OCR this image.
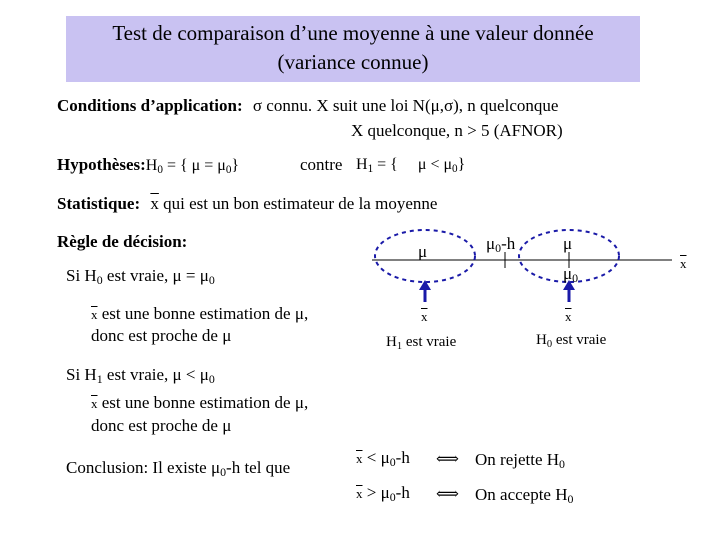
Test de comparaison d’une moyenne à une valeur donnée
(variance connue)
Conditions d’application: σ connu. X suit une loi N(μ,σ), n quelconque
X quelconque, n > 5 (AFNOR)
$Hypothèses:H_0$ = { $\mu = \mu_0$}	contre $H_1$ = { $\mu < \mu_0$}
Statistique: $\overline{x}$ qui est un bon estimateur de la moyenne
Règle de décision:
Si $H_0$ est vraie, $\mu = \mu_0$
$\overline{x}$ est une bonne estimation de μ,
donc est proche de μ
Si $H_1$ est vraie, $\mu < \mu_0$
$\overline{x}$ est une bonne estimation de μ,
donc est proche de μ
Conclusion: Il existe $\mu_0-h$ tel que	$\overline{x} < \mu_0-h$ ⟺ On rejette $H_0$
$\overline{x} > \mu_0-h$ ⟺ On accepte $H_0$
μ	$\mu_0-h$	μ
$\mu_0$
$\overline{x}$
$\overline{x}$	$\overline{x}$
$H_1$ est vraie	$H_0$ est vraie
